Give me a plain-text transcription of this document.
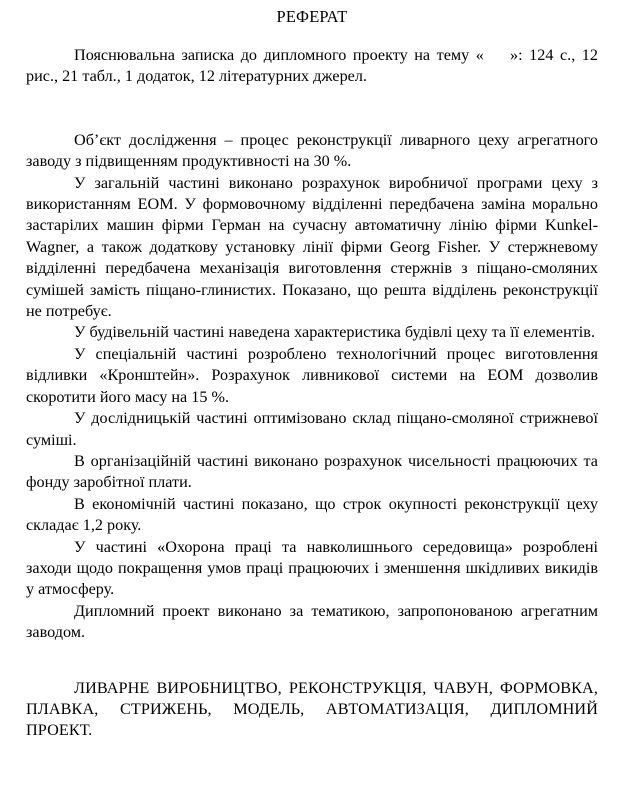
РЕФЕРАТ

Пояснювальна записка до дипломного проекту на тему «    »: 124 с., 12 рис., 21 табл., 1 додаток, 12 літературних джерел.

Об’єкт дослідження – процес реконструкції ливарного цеху агрегатного заводу з підвищенням продуктивності на 30 %.

У загальній частині виконано розрахунок виробничої програми цеху з використанням ЕОМ. У формовочному відділенні передбачена заміна морально застарілих машин фірми Герман на сучасну автоматичну лінію фірми Kunkel-Wagner, а також додаткову установку лінії фірми Georg Fisher. У стержневому відділенні передбачена механізація виготовлення стержнів з піщано-смоляних сумішей замість піщано-глинистих. Показано, що решта відділень реконструкції не потребує.

У будівельній частині наведена характеристика будівлі цеху та її елементів.

У спеціальній частині розроблено технологічний процес виготовлення відливки «Кронштейн». Розрахунок ливникової системи на ЕОМ дозволив скоротити його масу на 15 %.

У дослідницькій частині оптимізовано склад піщано-смоляної стрижневої суміші.

В організаційній частині виконано розрахунок чисельності працюючих та фонду заробітної плати.

В економічній частині показано, що строк окупності реконструкції цеху складає 1,2 року.

У частині «Охорона праці та навколишнього середовища» розроблені заходи щодо покращення умов праці працюючих і зменшення шкідливих викидів у атмосферу.

Дипломний проект виконано за тематикою, запропонованою агрегатним заводом.

ЛИВАРНЕ ВИРОБНИЦТВО, РЕКОНСТРУКЦІЯ, ЧАВУН, ФОРМОВКА, ПЛАВКА, СТРИЖЕНЬ, МОДЕЛЬ, АВТОМАТИЗАЦІЯ, ДИПЛОМНИЙ ПРОЕКТ.
